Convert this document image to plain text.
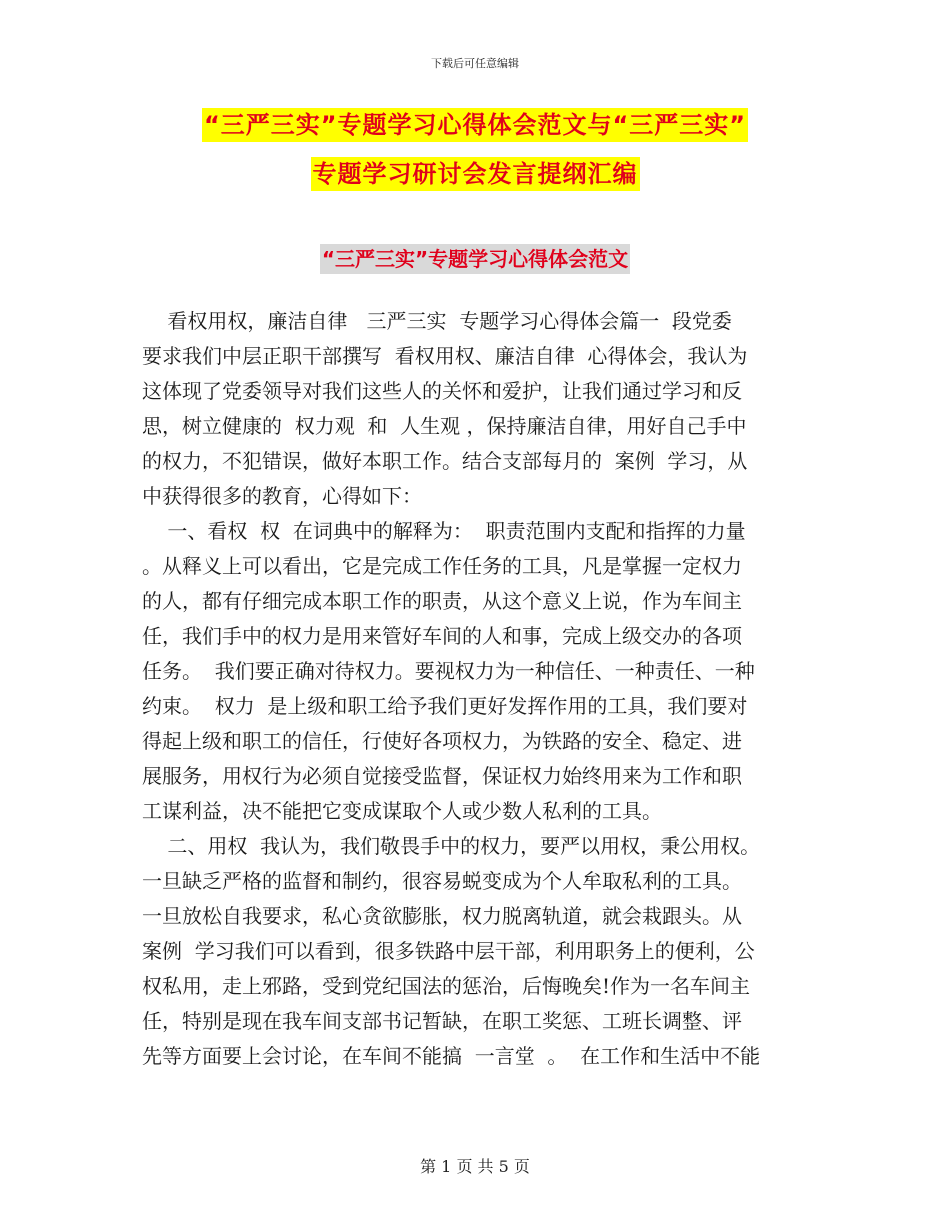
下载后可任意编辑
“三严三实”专题学习心得体会范文与“三严三实”
专题学习研讨会发言提纲汇编
“三严三实”专题学习心得体会范文
看权用权，廉洁自律   三严三实  专题学习心得体会篇一  段党委
要求我们中层正职干部撰写  看权用权、廉洁自律  心得体会，我认为
这体现了党委领导对我们这些人的关怀和爱护，让我们通过学习和反
思，树立健康的  权力观  和  人生观 ，保持廉洁自律，用好自己手中
的权力，不犯错误，做好本职工作。结合支部每月的  案例  学习，从
中获得很多的教育，心得如下：
一、看权  权  在词典中的解释为：  职责范围内支配和指挥的力量
。从释义上可以看出，它是完成工作任务的工具，凡是掌握一定权力
的人，都有仔细完成本职工作的职责，从这个意义上说，作为车间主
任，我们手中的权力是用来管好车间的人和事，完成上级交办的各项
任务。  我们要正确对待权力。要视权力为一种信任、一种责任、一种
约束。  权力  是上级和职工给予我们更好发挥作用的工具，我们要对
得起上级和职工的信任，行使好各项权力，为铁路的安全、稳定、进
展服务，用权行为必须自觉接受监督，保证权力始终用来为工作和职
工谋利益，决不能把它变成谋取个人或少数人私利的工具。
二、用权  我认为，我们敬畏手中的权力，要严以用权，秉公用权。
一旦缺乏严格的监督和制约，很容易蜕变成为个人牟取私利的工具。
一旦放松自我要求，私心贪欲膨胀，权力脱离轨道，就会栽跟头。从
案例  学习我们可以看到，很多铁路中层干部，利用职务上的便利，公
权私用，走上邪路，受到党纪国法的惩治，后悔晚矣!作为一名车间主
任，特别是现在我车间支部书记暂缺，在职工奖惩、工班长调整、评
先等方面要上会讨论，在车间不能搞  一言堂  。  在工作和生活中不能
第 1 页 共 5 页
